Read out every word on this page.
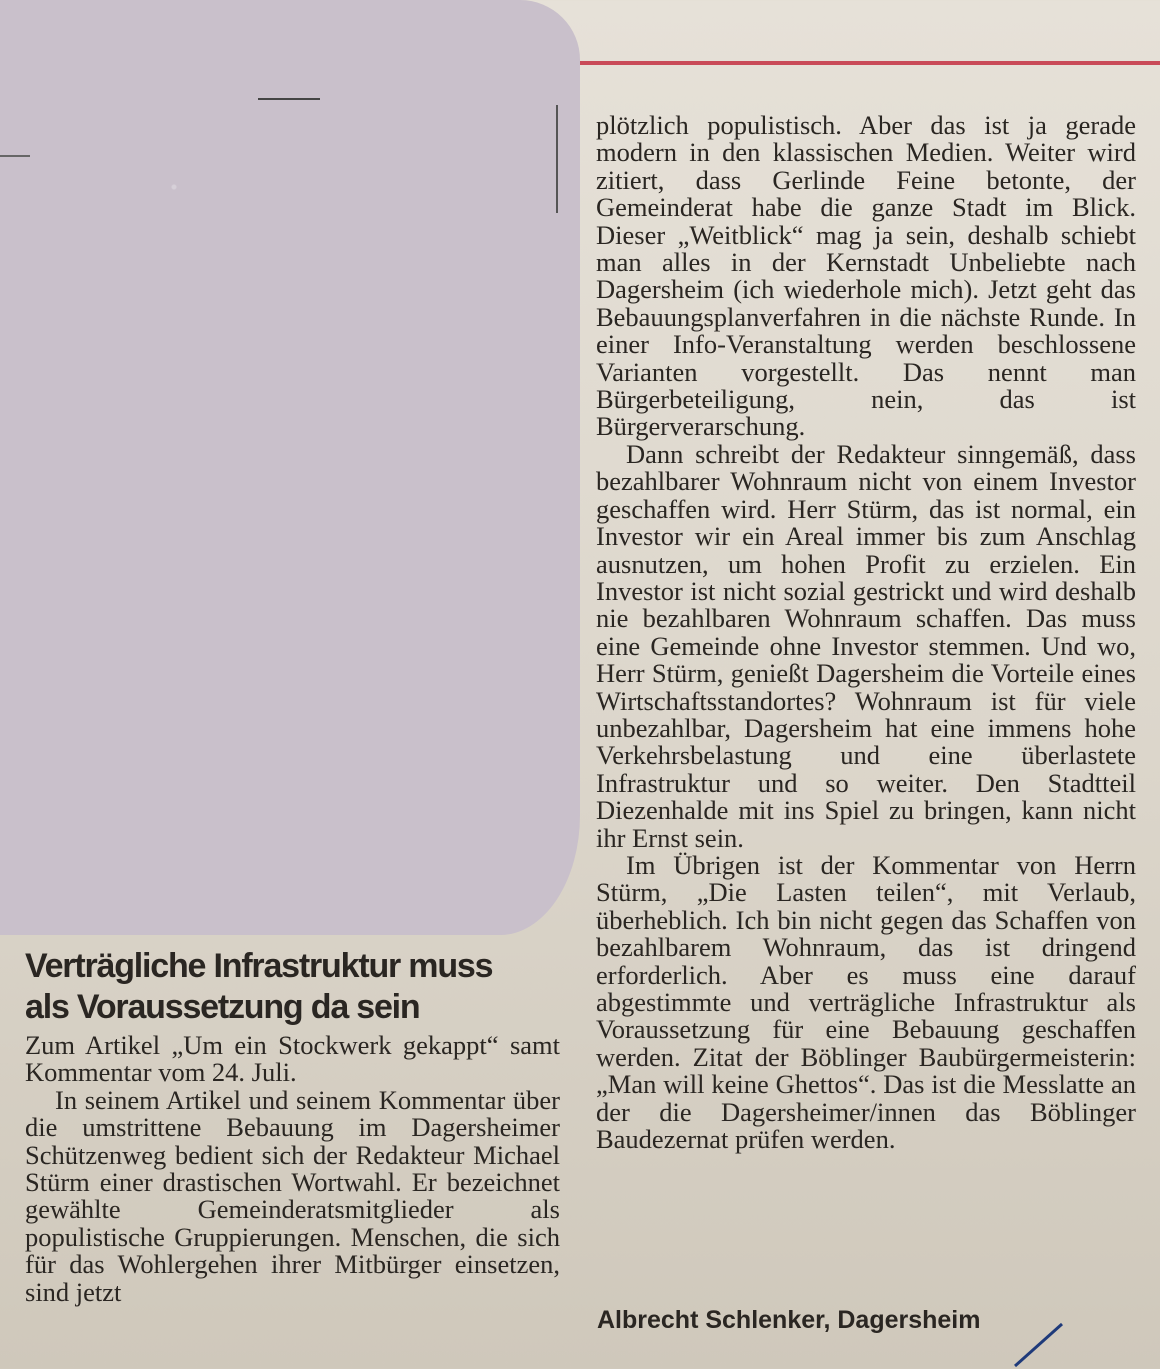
plötzlich populistisch. Aber das ist ja gerade modern in den klassischen Medien. Weiter wird zitiert, dass Gerlinde Feine betonte, der Gemeinderat habe die ganze Stadt im Blick. Dieser „Weitblick“ mag ja sein, deshalb schiebt man alles in der Kernstadt Unbeliebte nach Dagersheim (ich wiederhole mich). Jetzt geht das Bebauungsplanverfahren in die nächste Runde. In einer Info-Veranstaltung werden beschlossene Varianten vorgestellt. Das nennt man Bürgerbeteiligung, nein, das ist Bürgerverarschung.

Dann schreibt der Redakteur sinngemäß, dass bezahlbarer Wohnraum nicht von einem Investor geschaffen wird. Herr Stürm, das ist normal, ein Investor wir ein Areal immer bis zum Anschlag ausnutzen, um hohen Profit zu erzielen. Ein Investor ist nicht sozial gestrickt und wird deshalb nie bezahlbaren Wohnraum schaffen. Das muss eine Gemeinde ohne Investor stemmen. Und wo, Herr Stürm, genießt Dagersheim die Vorteile eines Wirtschaftsstandortes? Wohnraum ist für viele unbezahlbar, Dagersheim hat eine immens hohe Verkehrsbelastung und eine überlastete Infrastruktur und so weiter. Den Stadtteil Diezenhalde mit ins Spiel zu bringen, kann nicht ihr Ernst sein.

Im Übrigen ist der Kommentar von Herrn Stürm, „Die Lasten teilen“, mit Verlaub, überheblich. Ich bin nicht gegen das Schaffen von bezahlbarem Wohnraum, das ist dringend erforderlich. Aber es muss eine darauf abgestimmte und verträgliche Infrastruktur als Voraussetzung für eine Bebauung geschaffen werden. Zitat der Böblinger Baubürgermeisterin: „Man will keine Ghettos“. Das ist die Messlatte an der die Dagersheimer/innen das Böblinger Baudezernat prüfen werden.

Verträgliche Infrastruktur muss
als Voraussetzung da sein

Zum Artikel „Um ein Stockwerk gekappt“ samt Kommentar vom 24. Juli.

In seinem Artikel und seinem Kommentar über die umstrittene Bebauung im Dagersheimer Schützenweg bedient sich der Redakteur Michael Stürm einer drastischen Wortwahl. Er bezeichnet gewählte Gemeinderatsmitglieder als populistische Gruppierungen. Menschen, die sich für das Wohlergehen ihrer Mitbürger einsetzen, sind jetzt

Albrecht Schlenker, Dagersheim
